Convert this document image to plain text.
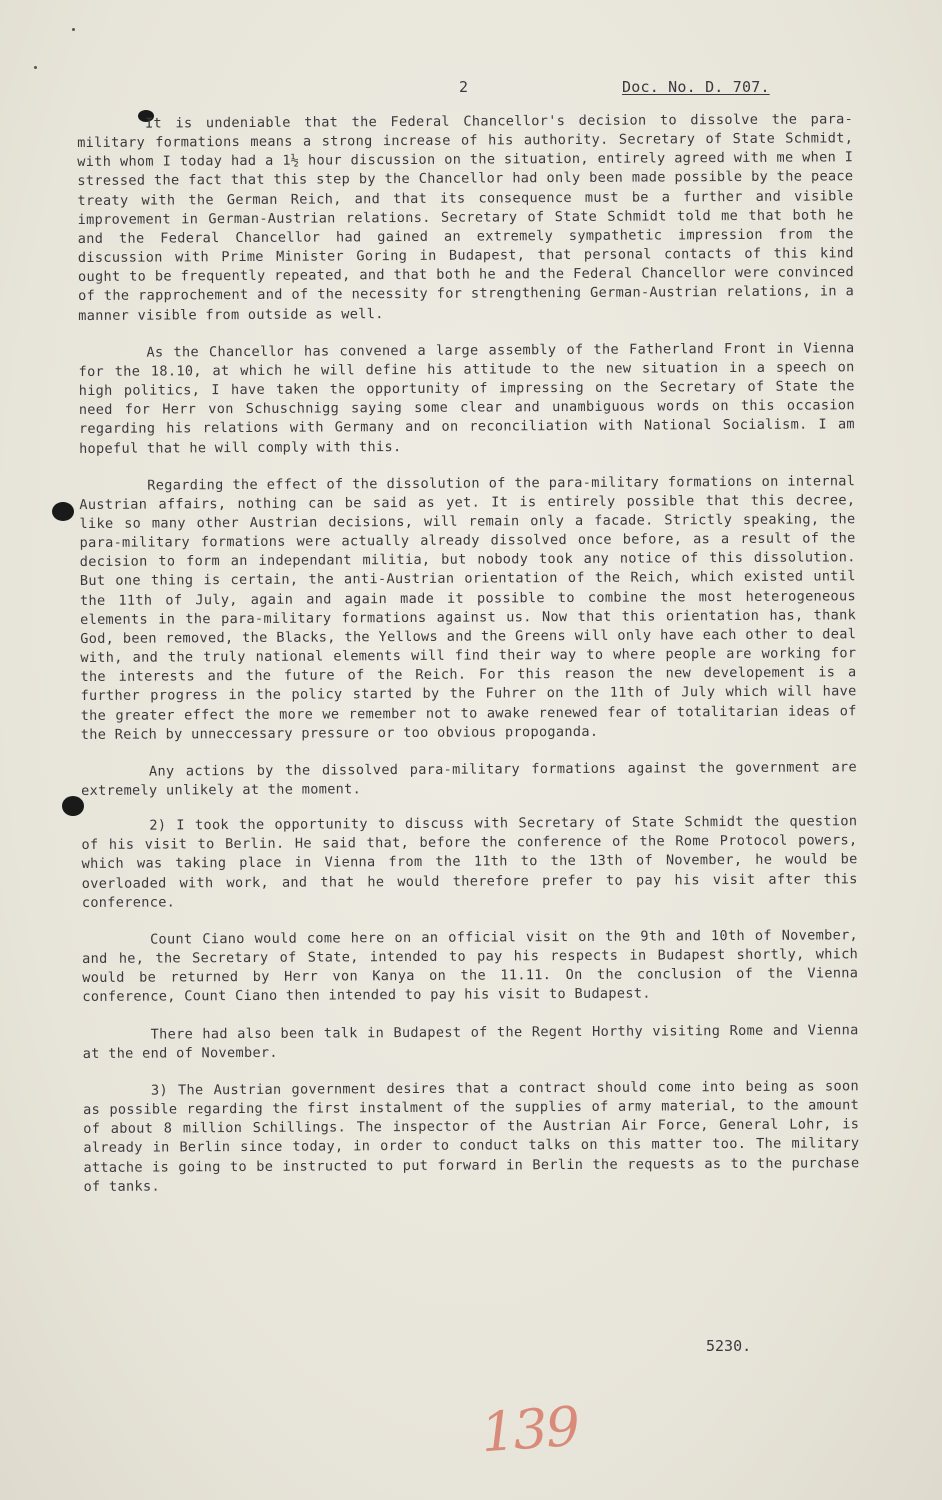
2	Doc. No. D. 707.

It is undeniable that the Federal Chancellor's decision to dissolve the para-military formations means a strong increase of his authority. Secretary of State Schmidt, with whom I today had a 1½ hour discussion on the situation, entirely agreed with me when I stressed the fact that this step by the Chancellor had only been made possible by the peace treaty with the German Reich, and that its consequence must be a further and visible improvement in German-Austrian relations. Secretary of State Schmidt told me that both he and the Federal Chancellor had gained an extremely sympathetic impression from the discussion with Prime Minister Goring in Budapest, that personal contacts of this kind ought to be frequently repeated, and that both he and the Federal Chancellor were convinced of the rapprochement and of the necessity for strengthening German-Austrian relations, in a manner visible from outside as well.

As the Chancellor has convened a large assembly of the Fatherland Front in Vienna for the 18.10, at which he will define his attitude to the new situation in a speech on high politics, I have taken the opportunity of impressing on the Secretary of State the need for Herr von Schuschnigg saying some clear and unambiguous words on this occasion regarding his relations with Germany and on reconciliation with National Socialism. I am hopeful that he will comply with this.

Regarding the effect of the dissolution of the para-military formations on internal Austrian affairs, nothing can be said as yet. It is entirely possible that this decree, like so many other Austrian decisions, will remain only a facade. Strictly speaking, the para-military formations were actually already dissolved once before, as a result of the decision to form an independant militia, but nobody took any notice of this dissolution. But one thing is certain, the anti-Austrian orientation of the Reich, which existed until the 11th of July, again and again made it possible to combine the most heterogeneous elements in the para-military formations against us. Now that this orientation has, thank God, been removed, the Blacks, the Yellows and the Greens will only have each other to deal with, and the truly national elements will find their way to where people are working for the interests and the future of the Reich. For this reason the new developement is a further progress in the policy started by the Fuhrer on the 11th of July which will have the greater effect the more we remember not to awake renewed fear of totalitarian ideas of the Reich by unneccessary pressure or too obvious propoganda.

Any actions by the dissolved para-military formations against the government are extremely unlikely at the moment.

2) I took the opportunity to discuss with Secretary of State Schmidt the question of his visit to Berlin. He said that, before the conference of the Rome Protocol powers, which was taking place in Vienna from the 11th to the 13th of November, he would be overloaded with work, and that he would therefore prefer to pay his visit after this conference.

Count Ciano would come here on an official visit on the 9th and 10th of November, and he, the Secretary of State, intended to pay his respects in Budapest shortly, which would be returned by Herr von Kanya on the 11.11. On the conclusion of the Vienna conference, Count Ciano then intended to pay his visit to Budapest.

There had also been talk in Budapest of the Regent Horthy visiting Rome and Vienna at the end of November.

3) The Austrian government desires that a contract should come into being as soon as possible regarding the first instalment of the supplies of army material, to the amount of about 8 million Schillings. The inspector of the Austrian Air Force, General Lohr, is already in Berlin since today, in order to conduct talks on this matter too. The military attache is going to be instructed to put forward in Berlin the requests as to the purchase of tanks.

5230.
139
